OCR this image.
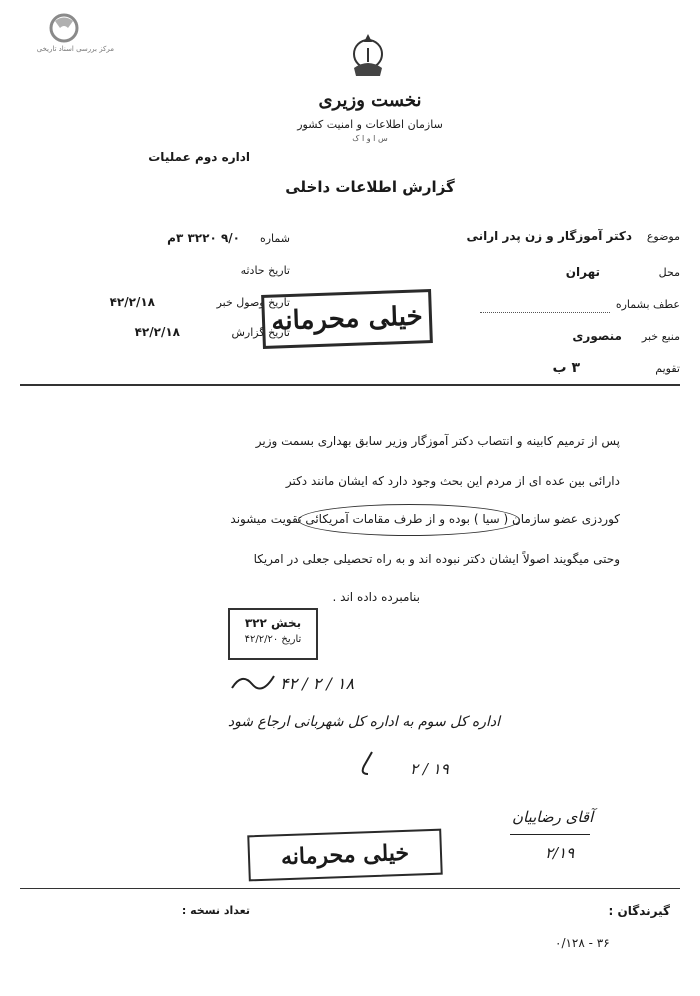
مرکز بررسی اسناد تاریخی
نخست وزیری
سازمان اطلاعات و امنیت کشور
س ا و ا ک
اداره دوم عملیات
گزارش اطلاعات داخلی
موضوع
دکتر آموزگار و زن پدر ارانی
محل
تهران
عطف بشماره
منبع خبر
منصوری
تقویم
۳ ب
شماره
۹/۰ ۳۲۲۰ ۳م
تاریخ حادثه
تاریخ وصول خبر
۴۲/۲/۱۸
تاریخ گزارش
۴۲/۲/۱۸	خیلی محرمانه
پس از ترمیم کابینه و انتصاب دکتر آموزگار وزیر سابق بهداری بسمت وزیر
دارائی بین عده ای از مردم این بحث وجود دارد که ایشان مانند دکتر
کوردزی عضو سازمان ( سیا ) بوده و از طرف مقامات آمریکائی تقویت میشوند
وحتی میگویند اصولاً ایشان دکتر نبوده اند و به راه تحصیلی جعلی در امریکا
بنامبرده داده اند .
بخش ۳۲۲
تاریخ ۴۲/۲/۲۰
۱۸ / ۲ / ۴۲
اداره کل سوم به اداره کل شهربانی ارجاع شود
۱۹ / ۲
آقای رضاییان
۲/۱۹
خیلی محرمانه
گیرندگان :
تعداد نسخه :
۳۶ - ۰/۱۲۸
